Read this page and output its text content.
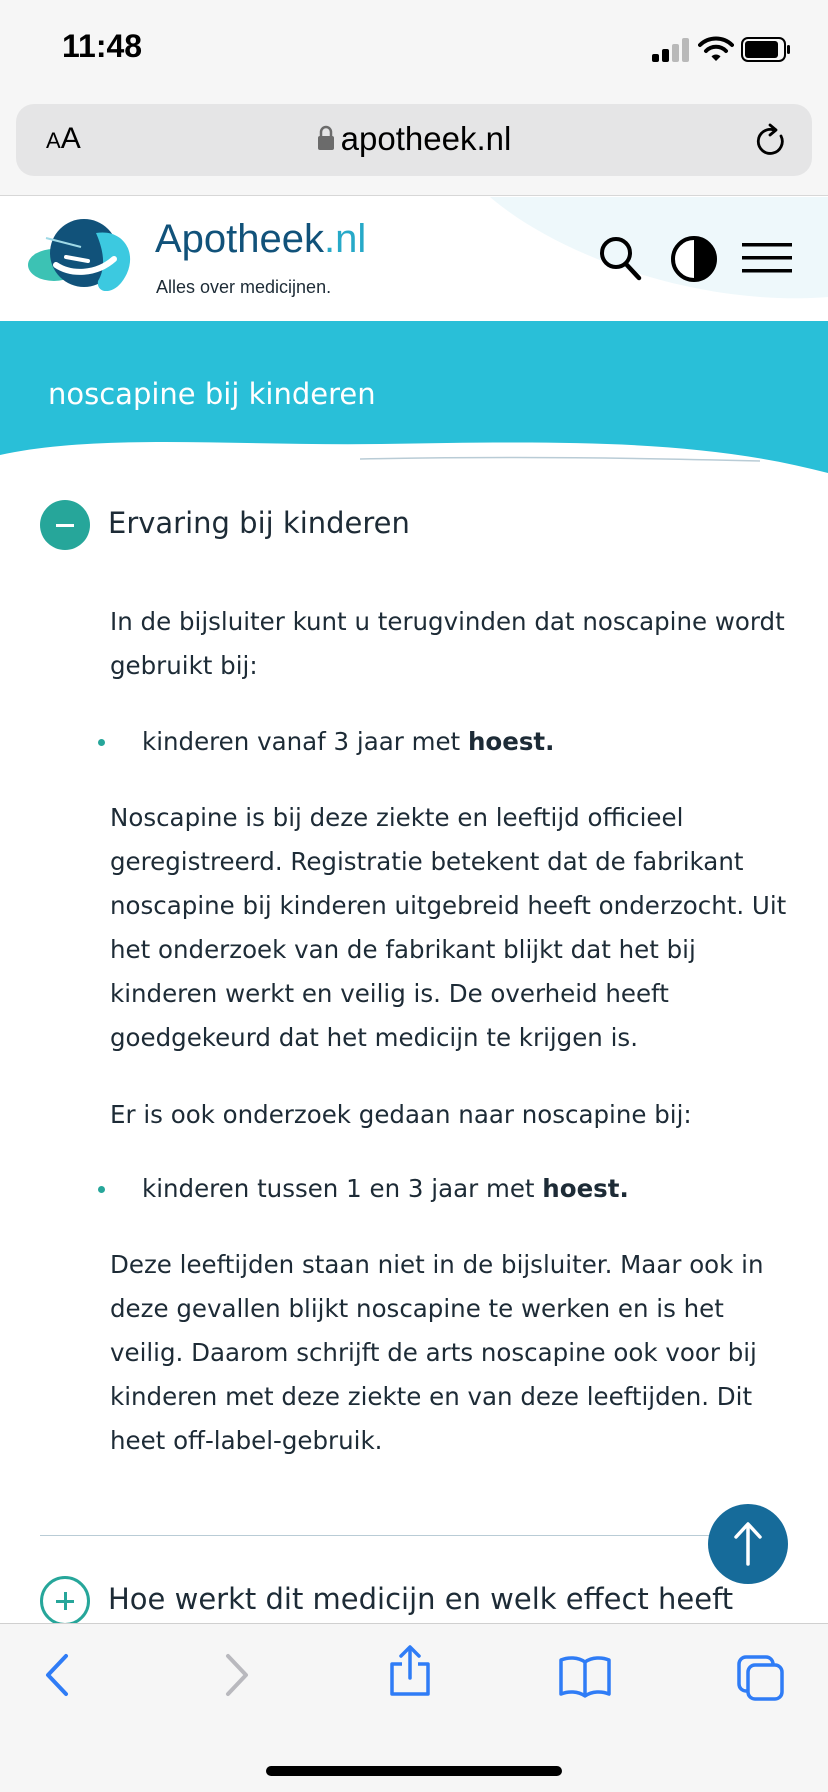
11:48
AA	apotheek.nl
Apotheek.nl
Alles over medicijnen.
noscapine bij kinderen
Ervaring bij kinderen
In de bijsluiter kunt u terugvinden dat noscapine wordt gebruikt bij:
kinderen vanaf 3 jaar met hoest.
Noscapine is bij deze ziekte en leeftijd officieel geregistreerd. Registratie betekent dat de fabrikant noscapine bij kinderen uitgebreid heeft onderzocht. Uit het onderzoek van de fabrikant blijkt dat het bij kinderen werkt en veilig is. De overheid heeft goedgekeurd dat het medicijn te krijgen is.
Er is ook onderzoek gedaan naar noscapine bij:
kinderen tussen 1 en 3 jaar met hoest.
Deze leeftijden staan niet in de bijsluiter. Maar ook in deze gevallen blijkt noscapine te werken en is het veilig. Daarom schrijft de arts noscapine ook voor bij kinderen met deze ziekte en van deze leeftijden. Dit heet off-label-gebruik.
Hoe werkt dit medicijn en welk effect heeft
